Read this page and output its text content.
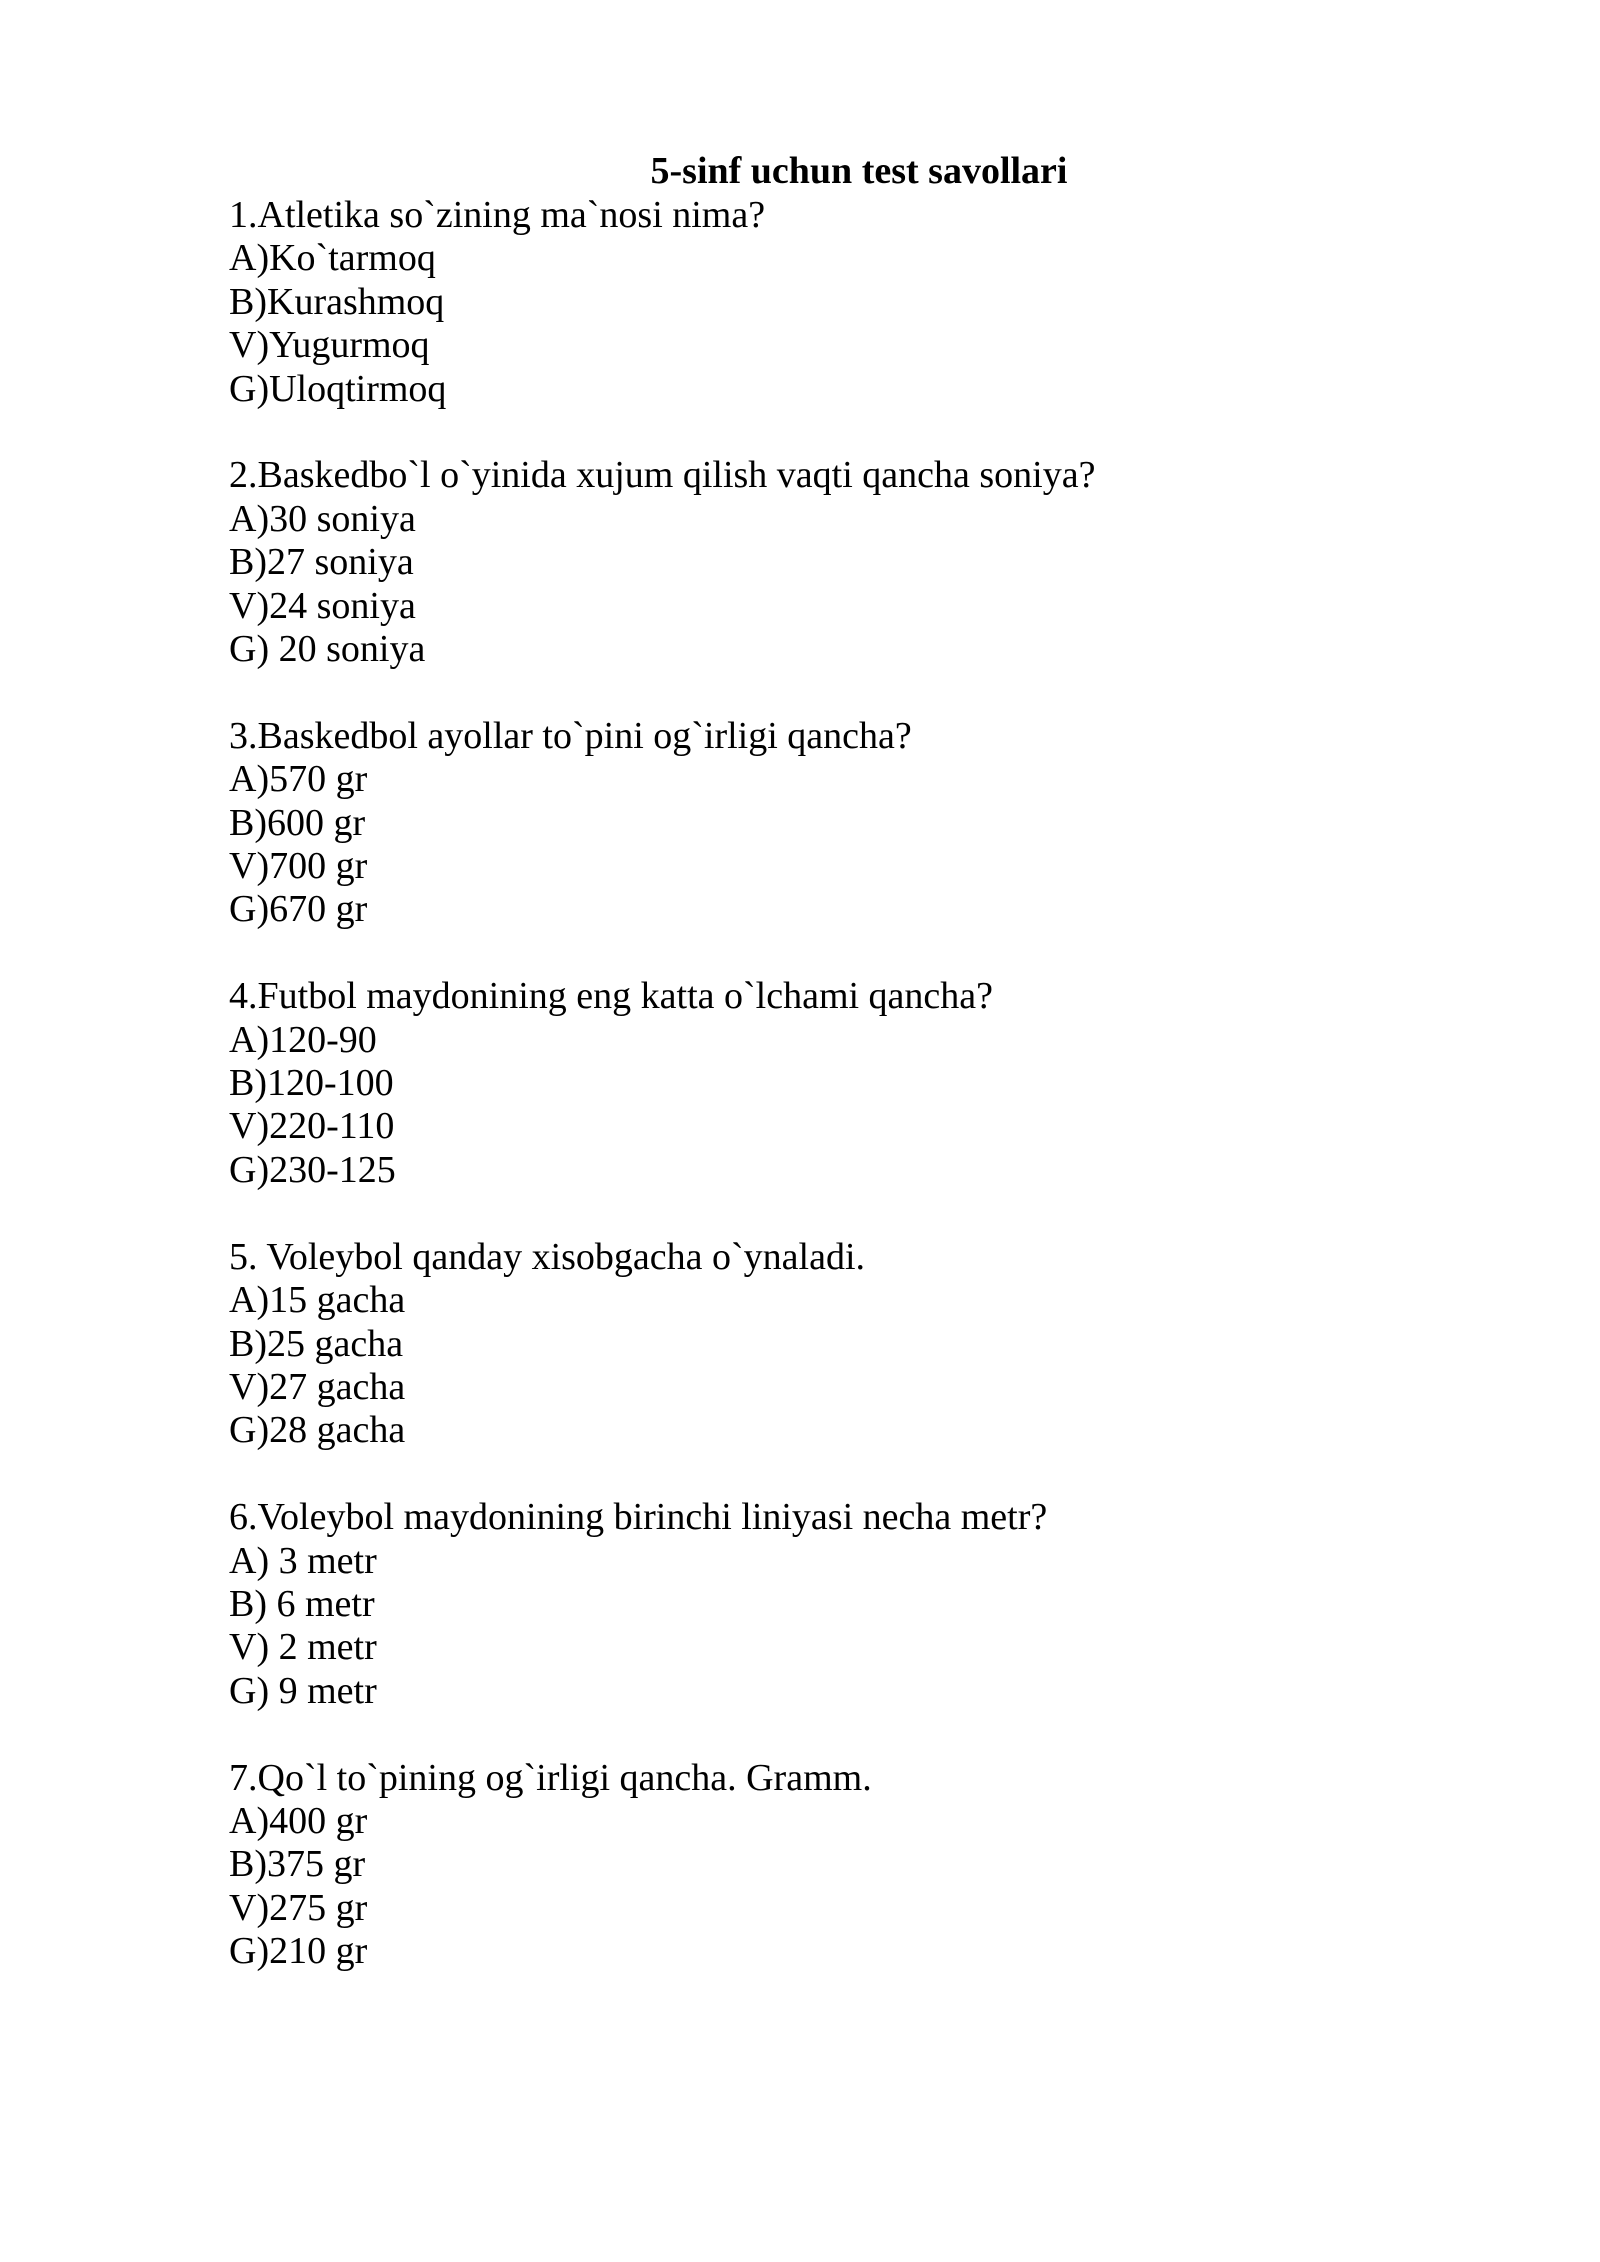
5-sinf uchun test savollari
1.Atletika so`zining ma`nosi nima?
A)Ko`tarmoq
B)Kurashmoq
V)Yugurmoq
G)Uloqtirmoq
2.Baskedbo`l o`yinida xujum qilish vaqti qancha soniya?
A)30 soniya
B)27 soniya
V)24 soniya
G) 20 soniya
3.Baskedbol ayollar to`pini og`irligi qancha?
A)570 gr
B)600 gr
V)700 gr
G)670 gr
4.Futbol maydonining eng katta o`lchami qancha?
A)120-90
B)120-100
V)220-110
G)230-125
5. Voleybol qanday xisobgacha o`ynaladi.
A)15 gacha
B)25 gacha
V)27 gacha
G)28 gacha
6.Voleybol maydonining birinchi liniyasi necha metr?
A) 3 metr
B) 6 metr
V) 2 metr
G) 9 metr
7.Qo`l to`pining og`irligi qancha. Gramm.
A)400 gr
B)375 gr
V)275 gr
G)210 gr
